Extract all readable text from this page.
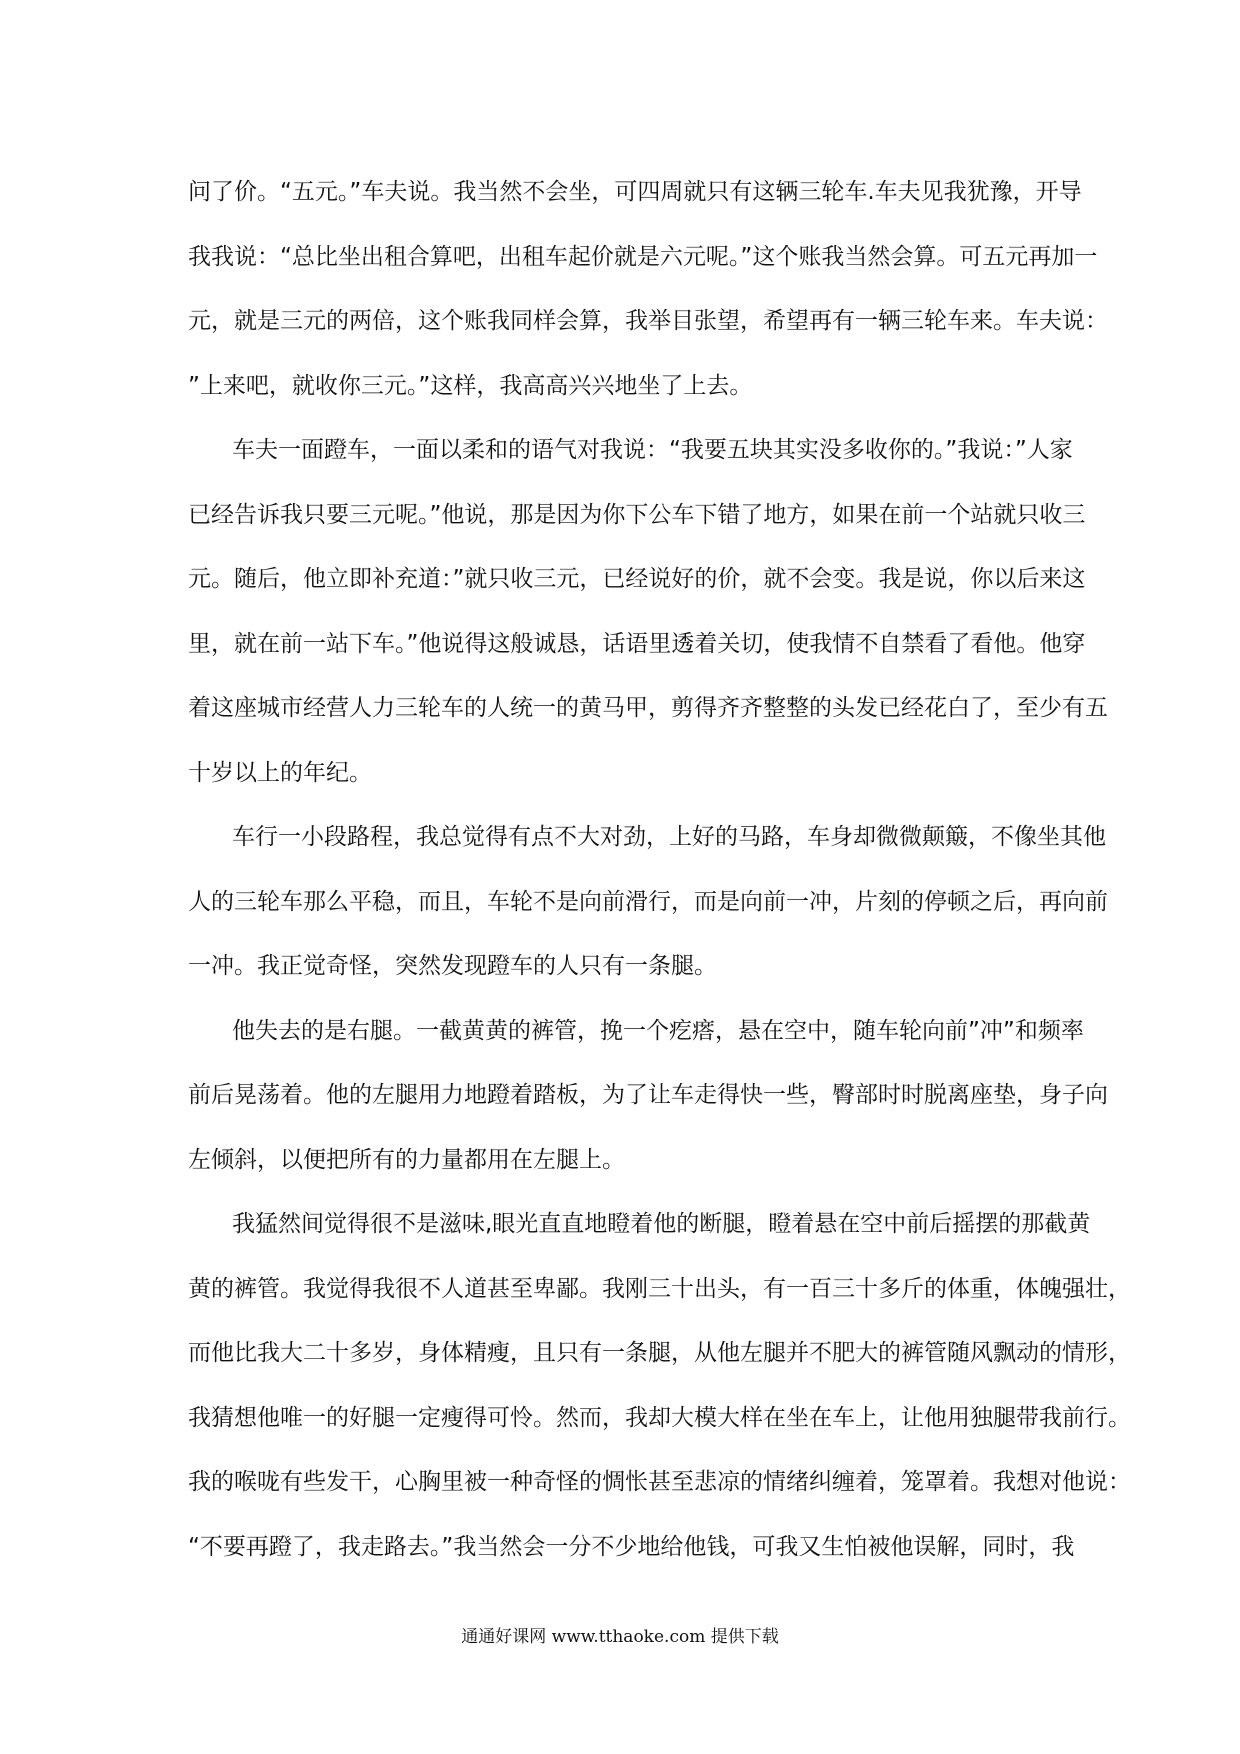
问了价。“五元。”车夫说。我当然不会坐，可四周就只有这辆三轮车.车夫见我犹豫，开导
我我说：“总比坐出租合算吧，出租车起价就是六元呢。”这个账我当然会算。可五元再加一
元，就是三元的两倍，这个账我同样会算，我举目张望，希望再有一辆三轮车来。车夫说：
”上来吧，就收你三元。”这样，我高高兴兴地坐了上去。
车夫一面蹬车，一面以柔和的语气对我说：“我要五块其实没多收你的。”我说：”人家
已经告诉我只要三元呢。”他说，那是因为你下公车下错了地方，如果在前一个站就只收三
元。随后，他立即补充道：”就只收三元，已经说好的价，就不会变。我是说，你以后来这
里，就在前一站下车。”他说得这般诚恳，话语里透着关切，使我情不自禁看了看他。他穿
着这座城市经营人力三轮车的人统一的黄马甲，剪得齐齐整整的头发已经花白了，至少有五
十岁以上的年纪。
车行一小段路程，我总觉得有点不大对劲，上好的马路，车身却微微颠簸，不像坐其他
人的三轮车那么平稳，而且，车轮不是向前滑行，而是向前一冲，片刻的停顿之后，再向前
一冲。我正觉奇怪，突然发现蹬车的人只有一条腿。
他失去的是右腿。一截黄黄的裤管，挽一个疙瘩，悬在空中，随车轮向前”冲”和频率
前后晃荡着。他的左腿用力地蹬着踏板，为了让车走得快一些，臀部时时脱离座垫，身子向
左倾斜，以便把所有的力量都用在左腿上。
我猛然间觉得很不是滋味,眼光直直地瞪着他的断腿，瞪着悬在空中前后摇摆的那截黄
黄的裤管。我觉得我很不人道甚至卑鄙。我刚三十出头，有一百三十多斤的体重，体魄强壮，
而他比我大二十多岁，身体精瘦，且只有一条腿，从他左腿并不肥大的裤管随风飘动的情形，
我猜想他唯一的好腿一定瘦得可怜。然而，我却大模大样在坐在车上，让他用独腿带我前行。
我的喉咙有些发干，心胸里被一种奇怪的惆怅甚至悲凉的情绪纠缠着，笼罩着。我想对他说：
“不要再蹬了，我走路去。”我当然会一分不少地给他钱，可我又生怕被他误解，同时，我
通通好课网 www.tthaoke.com 提供下载
